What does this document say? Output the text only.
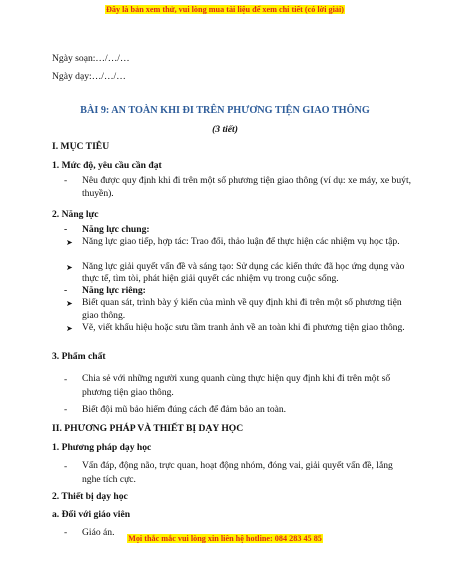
Đây là bản xem thử, vui lòng mua tài liệu để xem chi tiết (có lời giải)
Ngày soạn:…/…/…
Ngày dạy:…/…/…
BÀI 9: AN TOÀN KHI ĐI TRÊN PHƯƠNG TIỆN GIAO THÔNG
(3 tiết)
I. MỤC TIÊU
1. Mức độ, yêu cầu cần đạt
- Nêu được quy định khi đi trên một số phương tiện giao thông (ví dụ: xe máy, xe buýt, thuyền).
2. Năng lực
- Năng lực chung:
➤ Năng lực giao tiếp, hợp tác: Trao đổi, thảo luận để thực hiện các nhiệm vụ học tập.
➤ Năng lực giải quyết vấn đề và sáng tạo: Sử dụng các kiến thức đã học ứng dụng vào thực tế, tìm tòi, phát hiện giải quyết các nhiệm vụ trong cuộc sống.
- Năng lực riêng:
➤ Biết quan sát, trình bày ý kiến của mình về quy định khi đi trên một số phương tiện giao thông.
➤ Vẽ, viết khẩu hiệu hoặc sưu tầm tranh ảnh về an toàn khi đi phương tiện giao thông.
3. Phẩm chất
- Chia sẻ với những người xung quanh cùng thực hiện quy định khi đi trên một số phương tiện giao thông.
- Biết đội mũ bảo hiểm đúng cách để đảm bảo an toàn.
II. PHƯƠNG PHÁP VÀ THIẾT BỊ DẠY HỌC
1. Phương pháp dạy học
- Vấn đáp, động não, trực quan, hoạt động nhóm, đóng vai, giải quyết vấn đề, lắng nghe tích cực.
2. Thiết bị dạy học
a. Đối với giáo viên
- Giáo án.
Mọi thắc mắc vui lòng xin liên hệ hotline: 084 283 45 85
